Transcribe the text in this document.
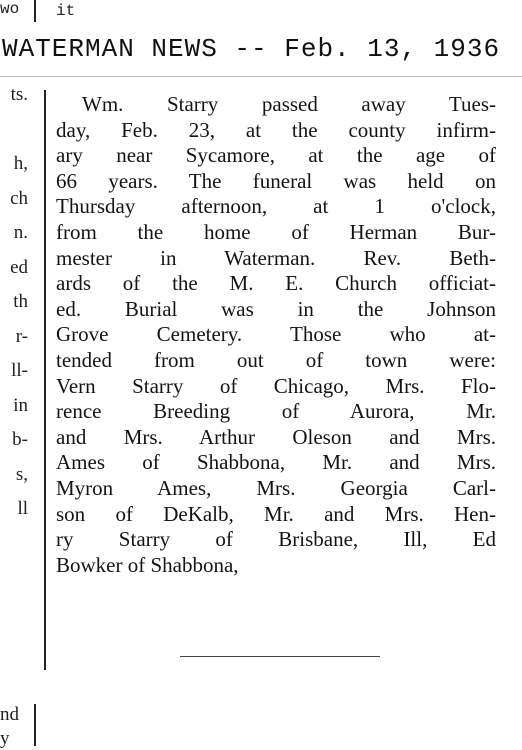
wo it
WATERMAN NEWS -- Feb. 13, 1936
ts.
h,
ch
n.
ed
th
r-
ll-
in
b-
s,
ll
Wm. Starry passed away Tues-
day, Feb. 23, at the county infirm-
ary near Sycamore, at the age of
66 years. The funeral was held on
Thursday afternoon, at 1 o'clock,
from the home of Herman Bur-
mester in Waterman. Rev. Beth-
ards of the M. E. Church officiat-
ed. Burial was in the Johnson
Grove Cemetery. Those who at-
tended from out of town were:
Vern Starry of Chicago, Mrs. Flo-
rence Breeding of Aurora, Mr.
and Mrs. Arthur Oleson and Mrs.
Ames of Shabbona, Mr. and Mrs.
Myron Ames, Mrs. Georgia Carl-
son of DeKalb, Mr. and Mrs. Hen-
ry Starry of Brisbane, Ill, Ed
Bowker of Shabbona,
nd
y
